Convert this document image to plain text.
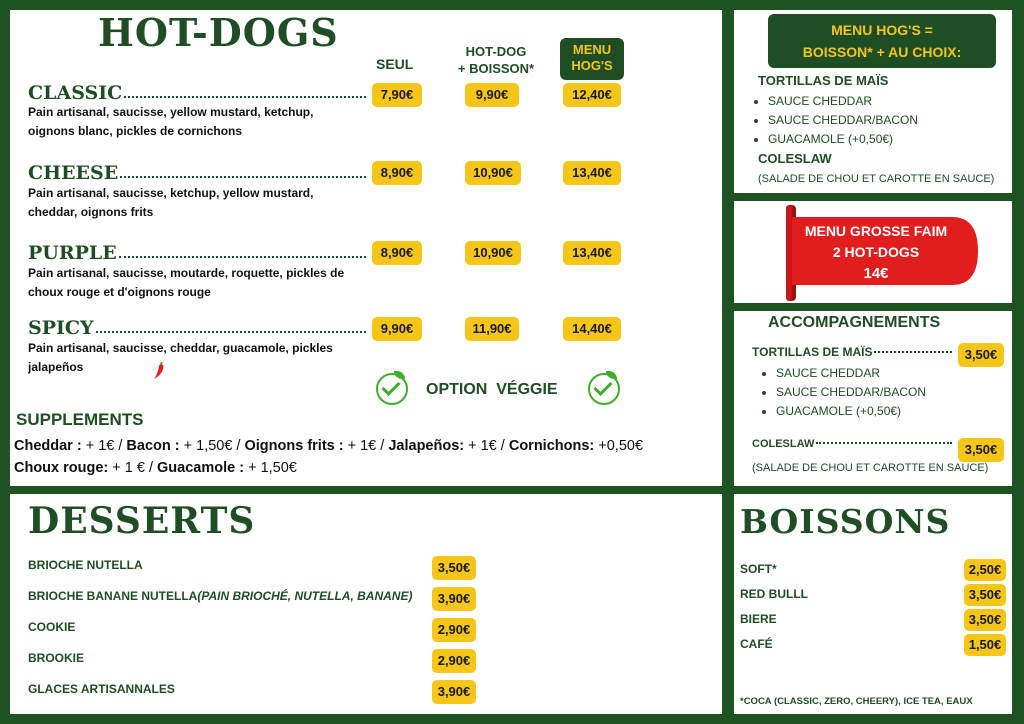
HOT-DOGS
SEUL
HOT-DOG
+ BOISSON*
MENU
HOG'S
CLASSIC
Pain artisanal, saucisse, yellow mustard, ketchup, oignons blanc, pickles de cornichons
7,90€	9,90€	12,40€
CHEESE
Pain artisanal, saucisse, ketchup, yellow mustard, cheddar, oignons frits
8,90€	10,90€	13,40€
PURPLE
Pain artisanal, saucisse, moutarde, roquette, pickles de choux rouge et d'oignons rouge
8,90€	10,90€	13,40€
SPICY
Pain artisanal, saucisse, cheddar, guacamole, pickles jalapeños
9,90€	11,90€	14,40€
OPTION  VÉGGIE
SUPPLEMENTS
Cheddar : + 1€ / Bacon : + 1,50€ / Oignons frits : + 1€ / Jalapeños: + 1€ / Cornichons: +0,50€
Choux rouge: + 1 € / Guacamole : + 1,50€
MENU HOG'S =
BOISSON* + AU CHOIX:
TORTILLAS DE MAÏS
• SAUCE CHEDDAR
• SAUCE CHEDDAR/BACON
• GUACAMOLE (+0,50€)
COLESLAW
(SALADE DE CHOU ET CAROTTE EN SAUCE)
MENU GROSSE FAIM
2 HOT-DOGS
14€
ACCOMPAGNEMENTS
TORTILLAS DE MAÏS	3,50€
• SAUCE CHEDDAR
• SAUCE CHEDDAR/BACON
• GUACAMOLE (+0,50€)
COLESLAW	3,50€
(SALADE DE CHOU ET CAROTTE EN SAUCE)
DESSERTS
BRIOCHE NUTELLA	3,50€
BRIOCHE BANANE NUTELLA (PAIN BRIOCHÉ, NUTELLA, BANANE)	3,90€
COOKIE	2,90€
BROOKIE	2,90€
GLACES ARTISANNALES	3,90€
BOISSONS
SOFT*	2,50€
RED BULLL	3,50€
BIERE	3,50€
CAFÉ	1,50€
*COCA (CLASSIC, ZERO, CHEERY), ICE TEA, EAUX
